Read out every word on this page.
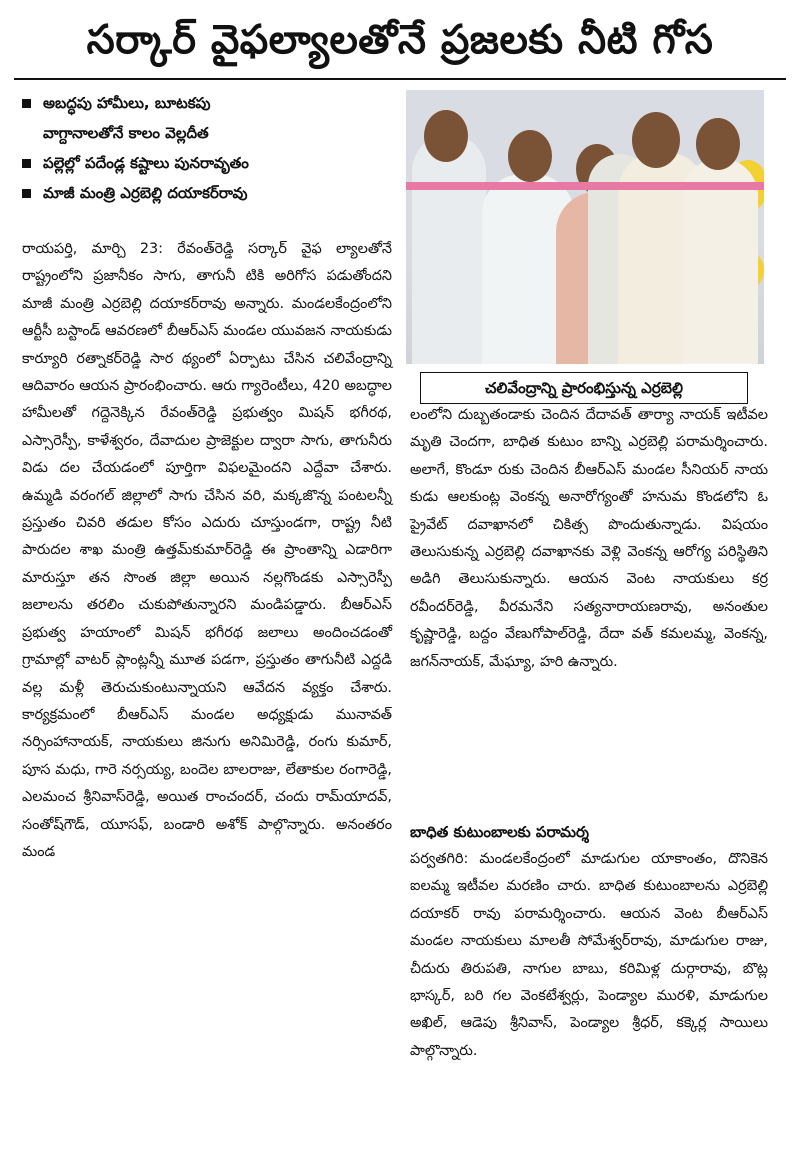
సర్కార్ వైఫల్యాలతోనే ప్రజలకు నీటి గోస
అబద్ధపు హామీలు, బూటకపు
వాగ్దానాలతోనే కాలం వెల్లదీత
పల్లెల్లో పదేండ్ల కష్టాలు పునరావృతం
మాజీ మంత్రి ఎర్రబెల్లి దయాకర్‌రావు

రాయపర్తి, మార్చి 23: రేవంత్‌రెడ్డి సర్కార్ వైఫ ల్యాలతోనే రాష్ట్రంలోని ప్రజానీకం సాగు, తాగునీ టికి అరిగోస పడుతోందని మాజీ మంత్రి ఎర్రబెల్లి దయాకర్‌రావు అన్నారు. మండలకేంద్రంలోని ఆర్టీసీ బస్టాండ్ ఆవరణలో బీఆర్‌ఎస్ మండల యువజన నాయకుడు కార్యూరి రత్నాకర్‌రెడ్డి సార థ్యంలో ఏర్పాటు చేసిన చలివేంద్రాన్ని ఆదివారం ఆయన ప్రారంభించారు. ఆరు గ్యారెంటీలు, 420 అబద్ధాల హామీలతో గద్దెనెక్కిన రేవంత్‌రెడ్డి ప్రభుత్వం మిషన్ భగీరథ, ఎస్సారెస్పీ, కాళేశ్వరం, దేవాదుల ప్రాజెక్టుల ద్వారా సాగు, తాగునీరు విడు దల చేయడంలో పూర్తిగా విఫలమైందని ఎద్దేవా చేశారు. ఉమ్మడి వరంగల్ జిల్లాలో సాగు చేసిన వరి, మక్కజొన్న పంటలన్నీ ప్రస్తుతం చివరి తడుల కోసం ఎదురు చూస్తుండగా, రాష్ట్ర నీటి పారుదల శాఖ మంత్రి ఉత్తమ్‌కుమార్‌రెడ్డి ఈ ప్రాంతాన్ని ఎడారిగా మారుస్తూ తన సొంత జిల్లా అయిన నల్లగొండకు ఎస్సారెస్పీ జలాలను తరలిం చుకుపోతున్నారని మండిపడ్డారు. బీఆర్‌ఎస్ ప్రభుత్వ హయాంలో మిషన్ భగీరథ జలాలు అందించడంతో గ్రామాల్లో వాటర్ ప్లాంట్లన్నీ మూత పడగా, ప్రస్తుతం తాగునీటి ఎద్దడి వల్ల మళ్లీ తెరుచుకుంటున్నాయని ఆవేదన వ్యక్తం చేశారు. కార్యక్రమంలో బీఆర్‌ఎస్ మండల అధ్యక్షుడు మునావత్ నర్సింహానాయక్, నాయకులు జినుగు అనిమిరెడ్డి, రంగు కుమార్, పూస మధు, గారె నర్సయ్య, బందెల బాలరాజు, లేతాకుల రంగారెడ్డి, ఎలమంచ శ్రీనివాస్‌రెడ్డి, అయిత రాంచందర్, చందు రామ్‌యాదవ్, సంతోష్‌గౌడ్, యూసఫ్, బండారి అశోక్ పాల్గొన్నారు. అనంతరం మండ

చలివేంద్రాన్ని ప్రారంభిస్తున్న ఎర్రబెల్లి

లంలోని దుబ్బతండాకు చెందిన దేదావత్ తార్యా నాయక్ ఇటీవల మృతి చెందగా, బాధిత కుటుం బాన్ని ఎర్రబెల్లి పరామర్శించారు. అలాగే, కొండూ రుకు చెందిన బీఆర్‌ఎస్ మండల సీనియర్ నాయ కుడు ఆలకుంట్ల వెంకన్న అనారోగ్యంతో హనుమ కొండలోని ఓ ప్రైవేట్ దవాఖానలో చికిత్స పొందుతున్నాడు. విషయం తెలుసుకున్న ఎర్రబెల్లి దవాఖానకు వెళ్లి వెంకన్న ఆరోగ్య పరిస్థితిని అడిగి తెలుసుకున్నారు. ఆయన వెంట నాయకులు కర్ర రవీందర్‌రెడ్డి, వీరమనేని సత్యనారాయణరావు, అనంతుల కృష్ణారెడ్డి, బద్దం వేణుగోపాల్‌రెడ్డి, దేదా వత్ కమలమ్మ, వెంకన్న, జగన్‌నాయక్, మేఘ్యా, హరి ఉన్నారు.

బాధిత కుటుంబాలకు పరామర్శ

పర్వతగిరి: మండలకేంద్రంలో మాడుగుల యాకాంతం, దొనికెన ఐలమ్మ ఇటీవల మరణిం చారు. బాధిత కుటుంబాలను ఎర్రబెల్లి దయాకర్ రావు పరామర్శించారు. ఆయన వెంట బీఆర్‌ఎస్ మండల నాయకులు మాలతీ సోమేశ్వర్‌రావు, మాడుగుల రాజు, చీదురు తిరుపతి, నాగుల బాబు, కరిమిళ్ల దుర్గారావు, బొట్ల భాస్కర్, బరి గల వెంకటేశ్వర్లు, పెండ్యాల మురళి, మాడుగుల అఖిల్, ఆడెపు శ్రీనివాస్, పెండ్యాల శ్రీధర్, కక్కెర్ల సాయిలు పాల్గొన్నారు.
